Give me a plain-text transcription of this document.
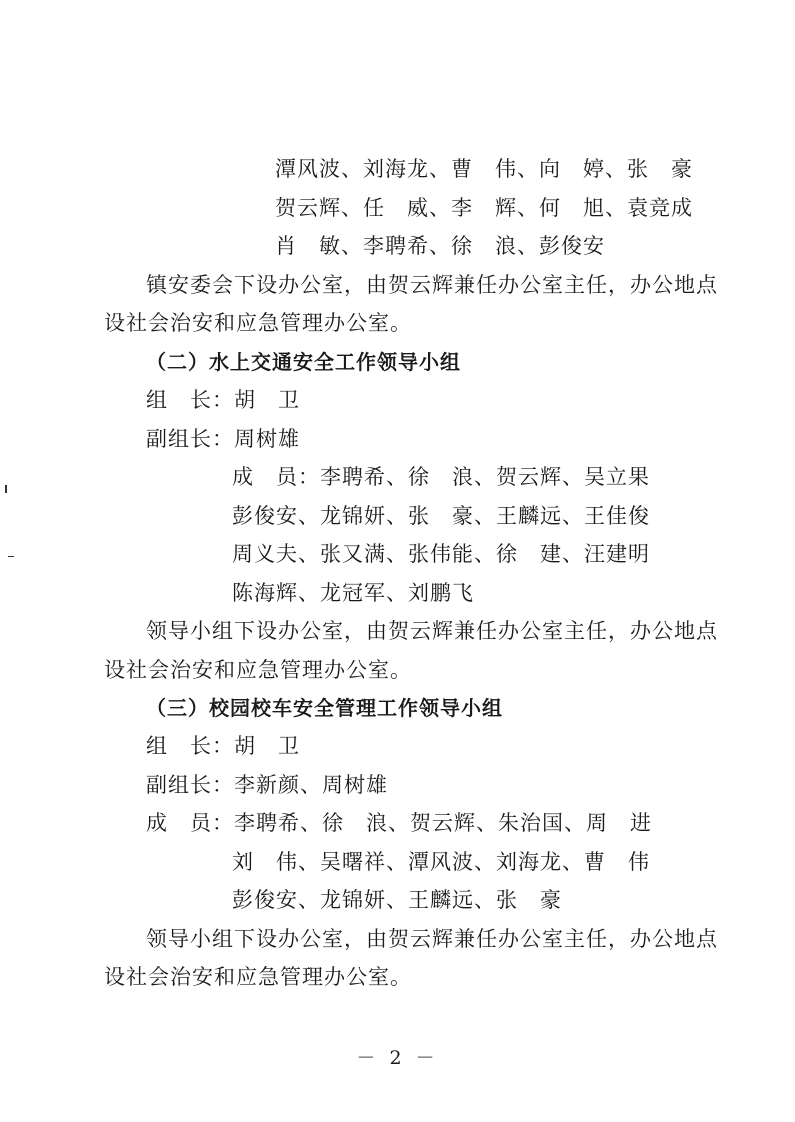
潭风波、刘海龙、曹　伟、向　婷、张　豪
贺云辉、任　威、李　辉、何　旭、袁竞成
肖　敏、李聘希、徐　浪、彭俊安
镇安委会下设办公室，由贺云辉兼任办公室主任，办公地点
设社会治安和应急管理办公室。
（二）水上交通安全工作领导小组
组　长：胡　卫
副组长：周树雄
成　员：李聘希、徐　浪、贺云辉、吴立果
彭俊安、龙锦妍、张　豪、王麟远、王佳俊
周义夫、张又满、张伟能、徐　建、汪建明
陈海辉、龙冠军、刘鹏飞
领导小组下设办公室，由贺云辉兼任办公室主任，办公地点
设社会治安和应急管理办公室。
（三）校园校车安全管理工作领导小组
组　长：胡　卫
副组长：李新颜、周树雄
成　员：李聘希、徐　浪、贺云辉、朱治国、周　进
刘　伟、吴曙祥、潭风波、刘海龙、曹　伟
彭俊安、龙锦妍、王麟远、张　豪
领导小组下设办公室，由贺云辉兼任办公室主任，办公地点
设社会治安和应急管理办公室。
－ 2 －
